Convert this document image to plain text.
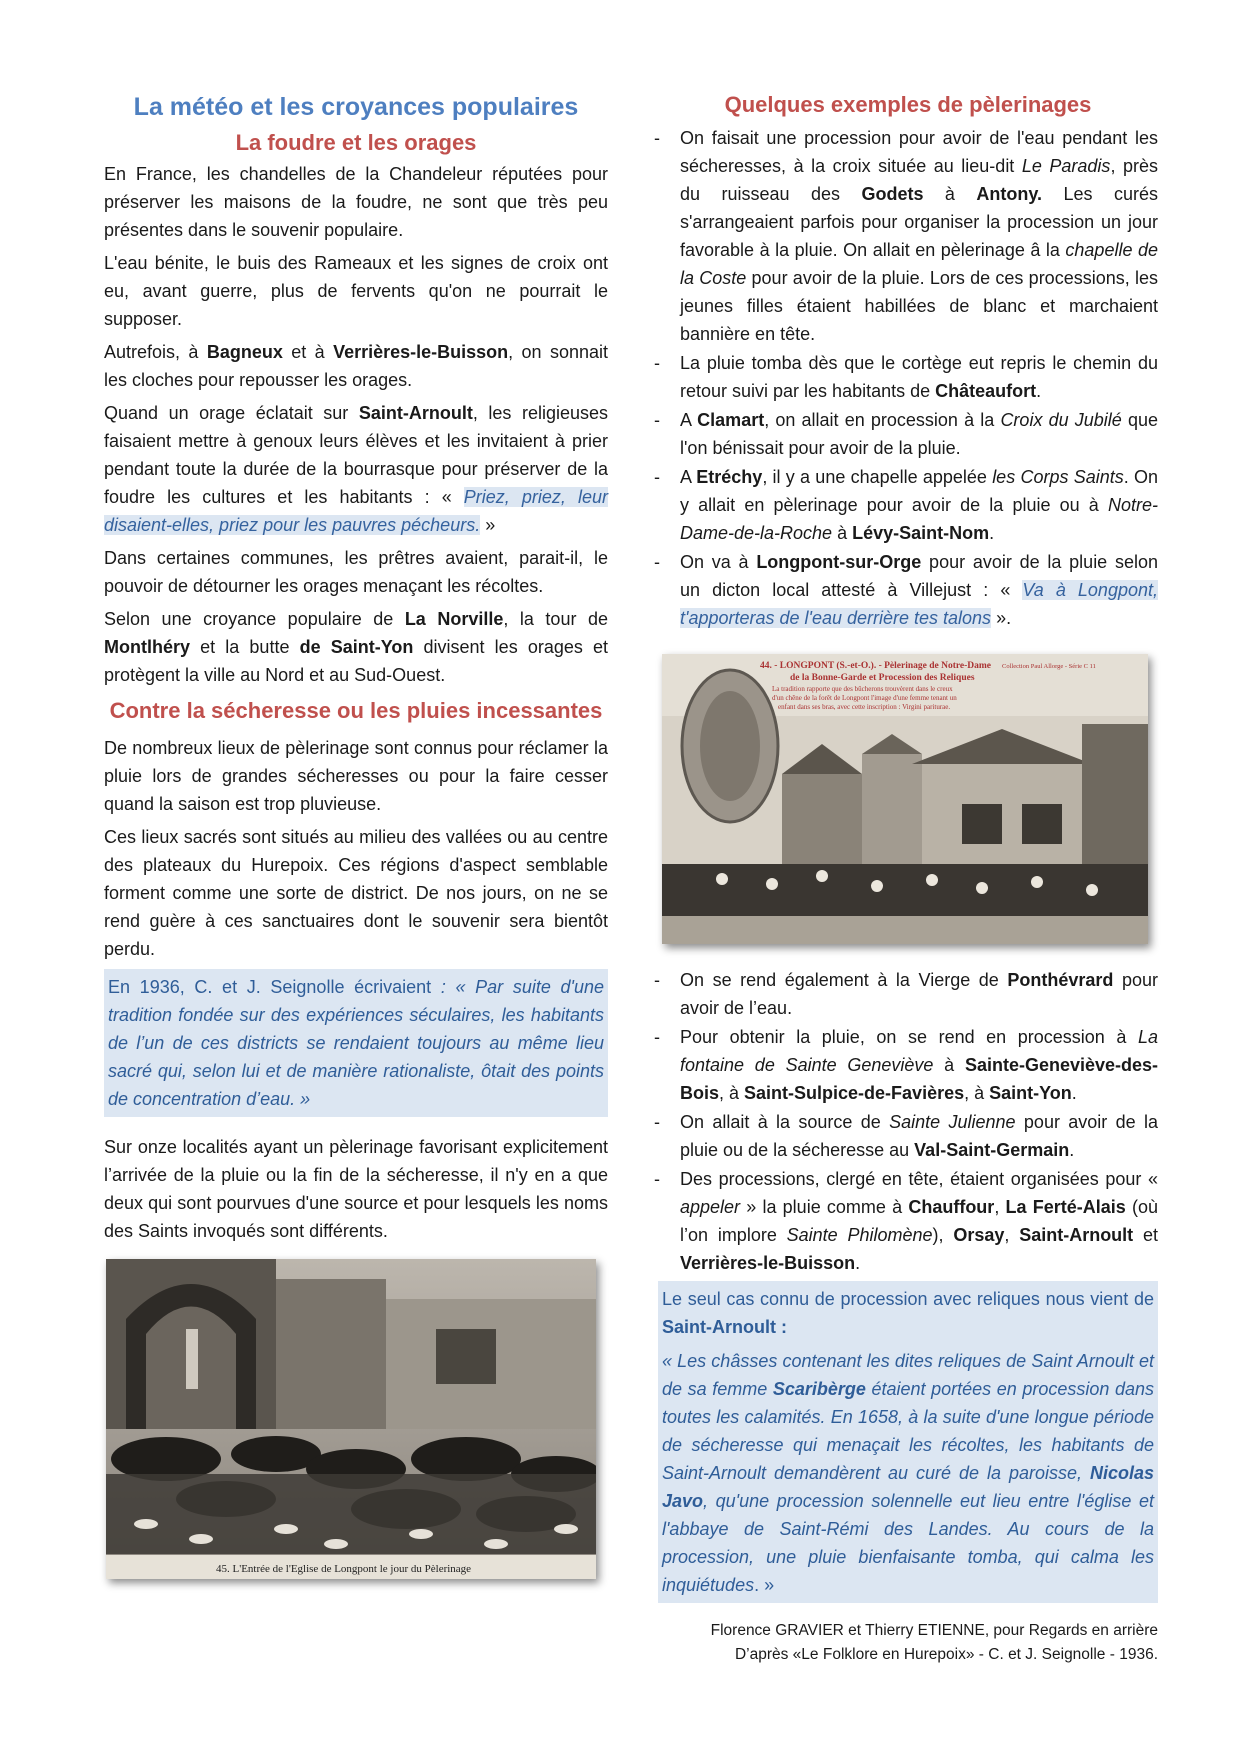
La météo et les croyances populaires
La foudre et les orages

En France, les chandelles de la Chandeleur réputées pour préserver les maisons de la foudre, ne sont que très peu présentes dans le souvenir populaire.

L'eau bénite, le buis des Rameaux et les signes de croix ont eu, avant guerre, plus de fervents qu'on ne pourrait le supposer.

Autrefois, à Bagneux et à Verrières-le-Buisson, on sonnait les cloches pour repousser les orages.

Quand un orage éclatait sur Saint-Arnoult, les religieuses faisaient mettre à genoux leurs élèves et les invitaient à prier pendant toute la durée de la bourrasque pour préserver de la foudre les cultures et les habitants : « Priez, priez, leur disaient-elles, priez pour les pauvres pécheurs. »

Dans certaines communes, les prêtres avaient, parait-il, le pouvoir de détourner les orages menaçant les récoltes.

Selon une croyance populaire de La Norville, la tour de Montlhéry et la butte de Saint-Yon divisent les orages et protègent la ville au Nord et au Sud-Ouest.

Contre la sécheresse ou les pluies incessantes

De nombreux lieux de pèlerinage sont connus pour réclamer la pluie lors de grandes sécheresses ou pour la faire cesser quand la saison est trop pluvieuse.

Ces lieux sacrés sont situés au milieu des vallées ou au centre des plateaux du Hurepoix. Ces régions d'aspect semblable forment comme une sorte de district. De nos jours, on ne se rend guère à ces sanctuaires dont le souvenir sera bientôt perdu.

En 1936, C. et J. Seignolle écrivaient : « Par suite d'une tradition fondée sur des expériences séculaires, les habitants de l’un de ces districts se rendaient toujours au même lieu sacré qui, selon lui et de manière rationaliste, ôtait des points de concentration d’eau. »

Sur onze localités ayant un pèlerinage favorisant explicitement l’arrivée de la pluie ou la fin de la sécheresse, il n'y en a que deux qui sont pourvues d'une source et pour lesquels les noms des Saints invoqués sont différents.

45. L'Entrée de l'Eglise de Longpont le jour du Pèlerinage
Quelques exemples de pèlerinages
- On faisait une procession pour avoir de l'eau pendant les sécheresses, à la croix située au lieu-dit Le Paradis, près du ruisseau des Godets à Antony. Les curés s'arrangeaient parfois pour organiser la procession un jour favorable à la pluie. On allait en pèlerinage â la chapelle de la Coste pour avoir de la pluie. Lors de ces processions, les jeunes filles étaient habillées de blanc et marchaient bannière en tête.
- La pluie tomba dès que le cortège eut repris le chemin du retour suivi par les habitants de Châteaufort.
- A Clamart, on allait en procession à la Croix du Jubilé que l'on bénissait pour avoir de la pluie.
- A Etréchy, il y a une chapelle appelée les Corps Saints. On y allait en pèlerinage pour avoir de la pluie ou à Notre-Dame-de-la-Roche à Lévy-Saint-Nom.
- On va à Longpont-sur-Orge pour avoir de la pluie selon un dicton local attesté à Villejust : « Va à Longpont, t'apporteras de l'eau derrière tes talons ».
44. - LONGPONT (S.-et-O.). - Pèlerinage de Notre-Dame
de la Bonne-Garde et Procession des Reliques
La tradition rapporte que des bûcherons trouvèrent dans le creux
d'un chêne de la forêt de Longpont l'image d'une femme tenant un
enfant dans ses bras, avec cette inscription : Virgini pariturae.
Collection Paul Allorge - Série C 11
- On se rend également à la Vierge de Ponthévrard pour avoir de l’eau.
- Pour obtenir la pluie, on se rend en procession à La fontaine de Sainte Geneviève à Sainte-Geneviève-des-Bois, à Saint-Sulpice-de-Favières, à Saint-Yon.
- On allait à la source de Sainte Julienne pour avoir de la pluie ou de la sécheresse au Val-Saint-Germain.
- Des processions, clergé en tête, étaient organisées pour « appeler » la pluie comme à Chauffour, La Ferté-Alais (où l’on implore Sainte Philomène), Orsay, Saint-Arnoult et Verrières-le-Buisson.
Le seul cas connu de procession avec reliques nous vient de Saint-Arnoult :
« Les châsses contenant les dites reliques de Saint Arnoult et de sa femme Scaribèrge étaient portées en procession dans toutes les calamités. En 1658, à la suite d'une longue période de sécheresse qui menaçait les récoltes, les habitants de Saint-Arnoult demandèrent au curé de la paroisse, Nicolas Javo, qu'une procession solennelle eut lieu entre l'église et l'abbaye de Saint-Rémi des Landes. Au cours de la procession, une pluie bienfaisante tomba, qui calma les inquiétudes. »
Florence GRAVIER et Thierry ETIENNE, pour Regards en arrière
D’après «Le Folklore en Hurepoix» - C. et J. Seignolle - 1936.
